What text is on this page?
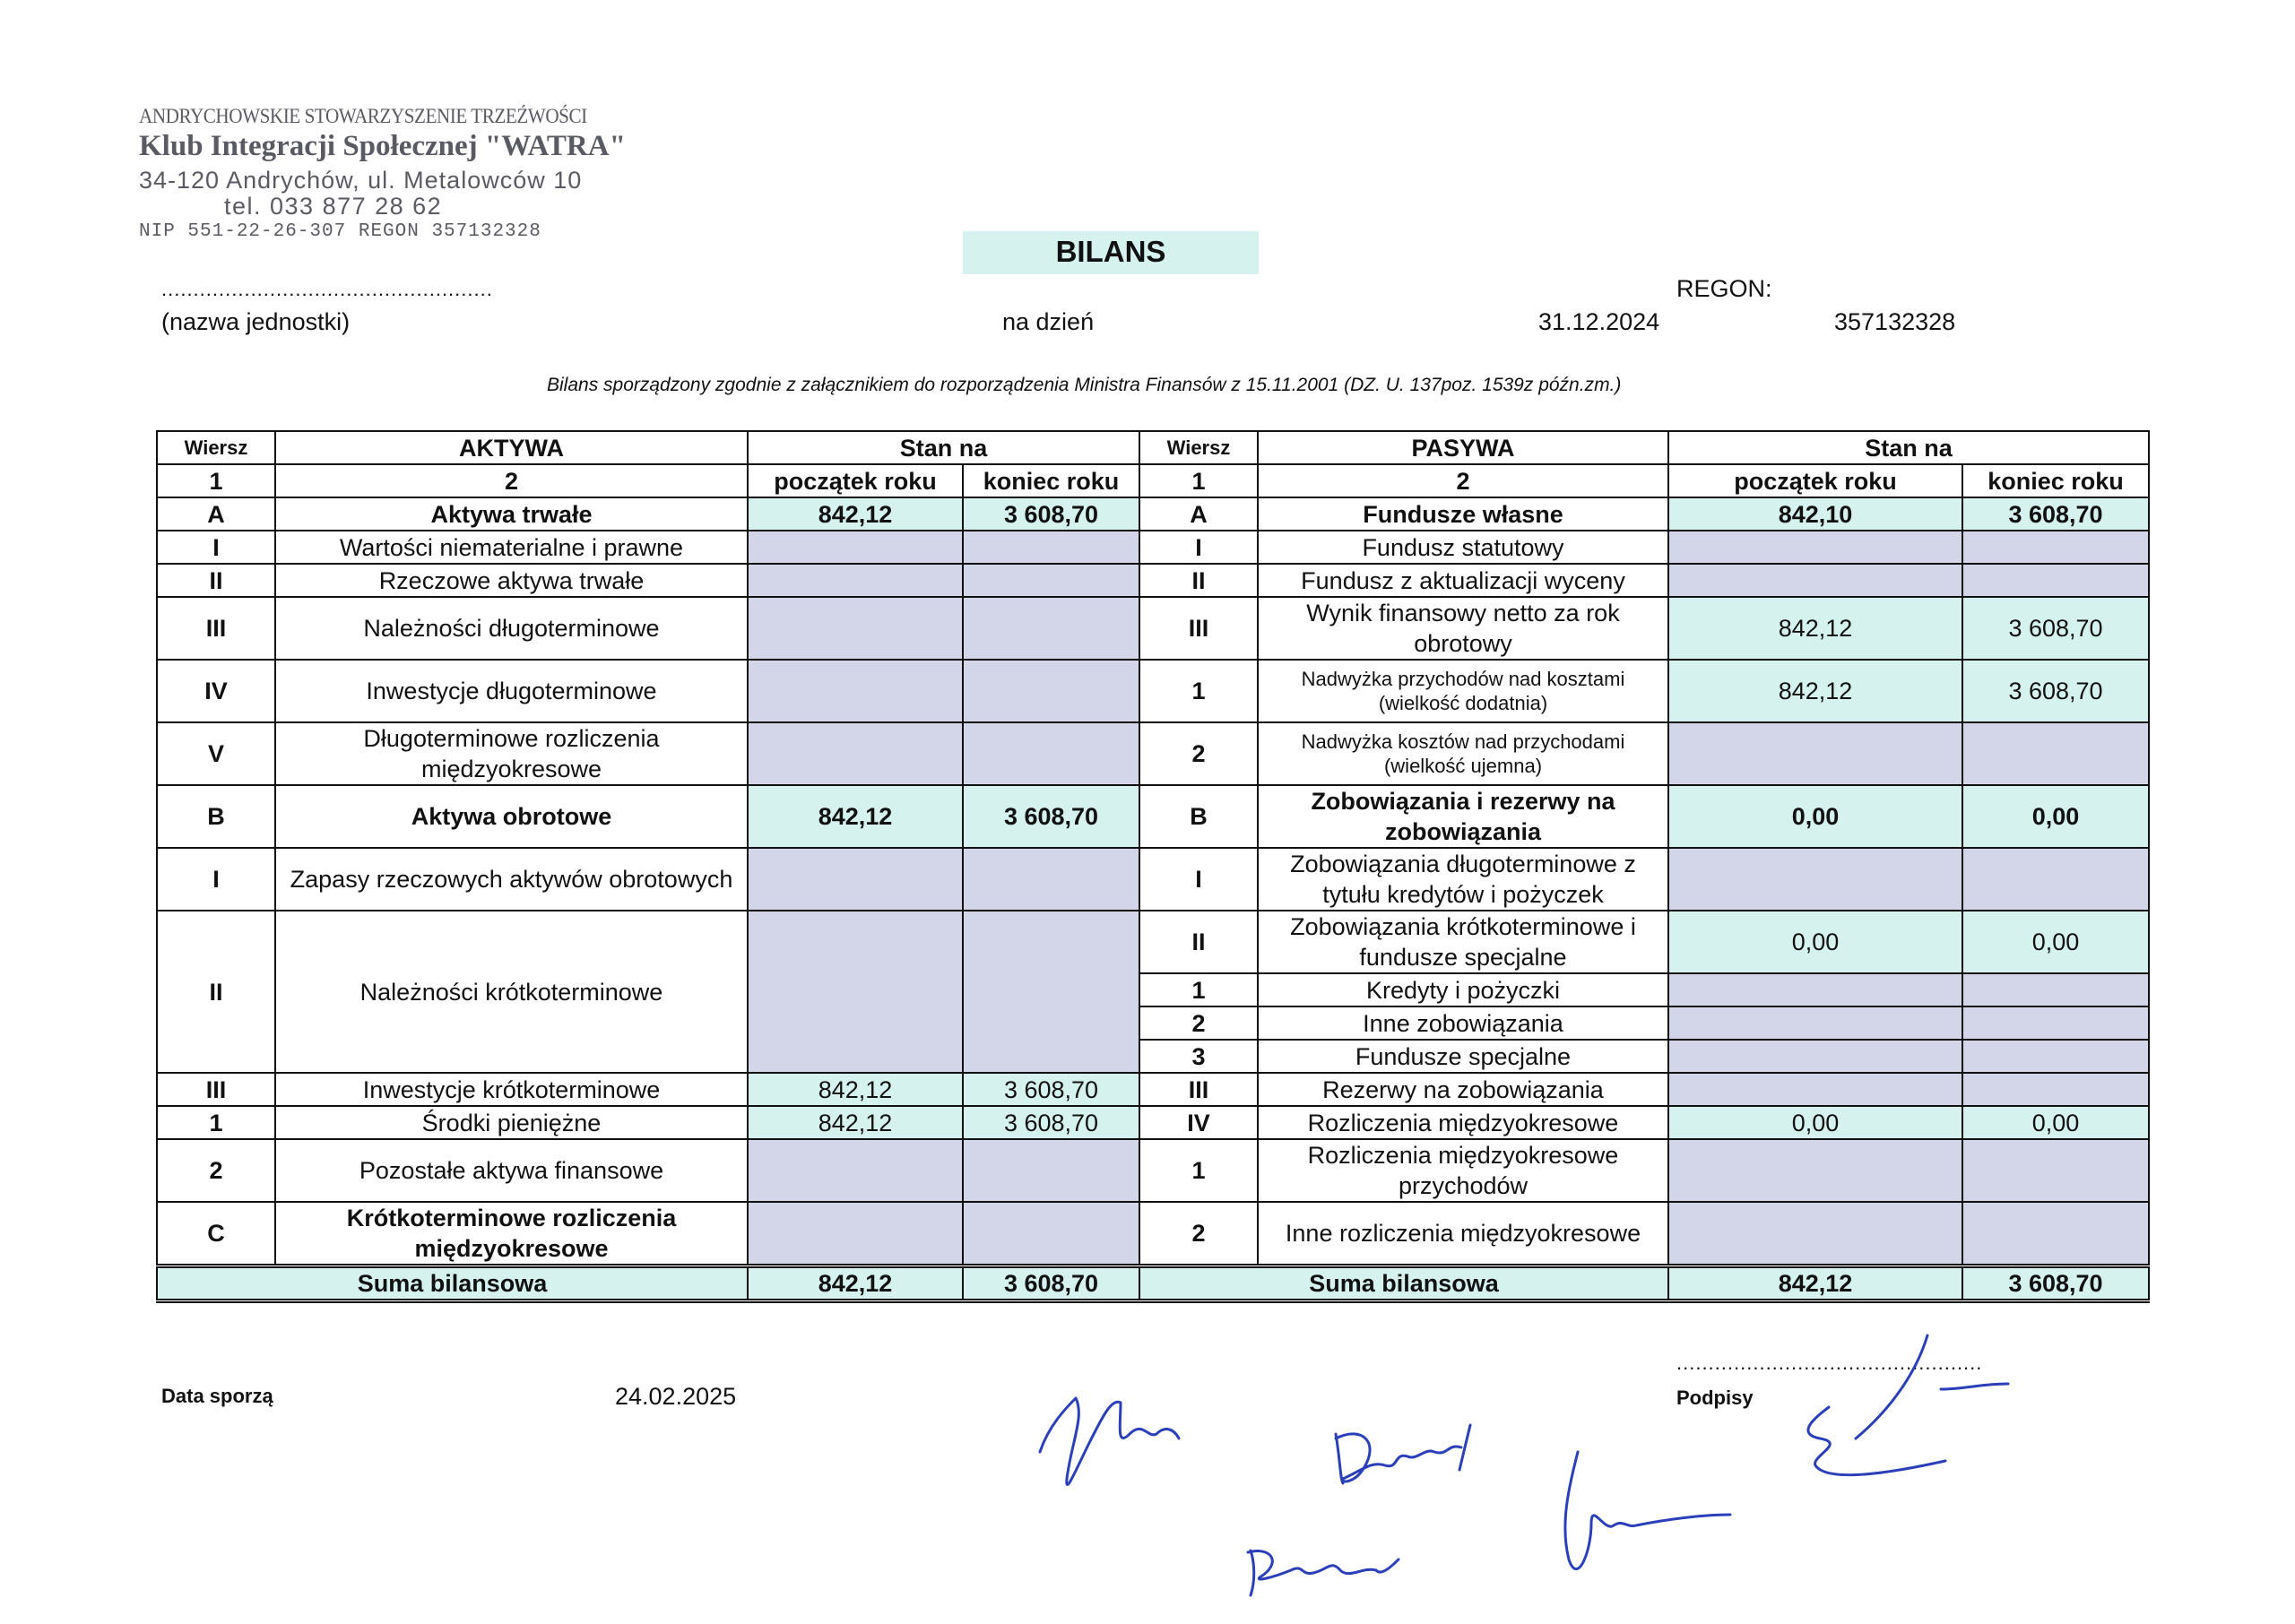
ANDRYCHOWSKIE STOWARZYSZENIE TRZEŹWOŚCI
Klub Integracji Społecznej "WATRA"
34-120 Andrychów, ul. Metalowców 10
tel. 033 877 28 62
NIP 551-22-26-307 REGON 357132328
BILANS
REGON:
....................................................
(nazwa jednostki)	na dzień	31.12.2024	357132328
Bilans sporządzony zgodnie z załącznikiem do rozporządzenia Ministra Finansów z 15.11.2001 (DZ. U. 137poz. 1539z późn.zm.)
Wiersz	AKTYWA	Stan na		Wiersz	PASYWA	Stan na	
1	2	początek roku	koniec roku	1	2	początek roku	koniec roku
A	Aktywa trwałe	842,12	3 608,70	A	Fundusze własne	842,10	3 608,70
I	Wartości niematerialne i prawne			I	Fundusz statutowy		
II	Rzeczowe aktywa trwałe			II	Fundusz z aktualizacji wyceny		
III	Należności długoterminowe			III	Wynik finansowy netto za rok obrotowy	842,12	3 608,70
IV	Inwestycje długoterminowe			1	Nadwyżka przychodów nad kosztami (wielkość dodatnia)	842,12	3 608,70
V	Długoterminowe rozliczenia międzyokresowe			2	Nadwyżka kosztów nad przychodami (wielkość ujemna)		
B	Aktywa obrotowe	842,12	3 608,70	B	Zobowiązania i rezerwy na zobowiązania	0,00	0,00
I	Zapasy rzeczowych aktywów obrotowych			I	Zobowiązania długoterminowe z tytułu kredytów i pożyczek		
II	Należności krótkoterminowe			II	Zobowiązania krótkoterminowe i fundusze specjalne	0,00	0,00
				1	Kredyty i pożyczki		
				2	Inne zobowiązania		
				3	Fundusze specjalne		
III	Inwestycje krótkoterminowe	842,12	3 608,70	III	Rezerwy na zobowiązania		
1	Środki pieniężne	842,12	3 608,70	IV	Rozliczenia międzyokresowe	0,00	0,00
2	Pozostałe aktywa finansowe			1	Rozliczenia międzyokresowe przychodów		
C	Krótkoterminowe rozliczenia międzyokresowe			2	Inne rozliczenia międzyokresowe		
Suma bilansowa		842,12	3 608,70	Suma bilansowa		842,12	3 608,70
Data sporzą	24.02.2025
................................................
Podpisy
